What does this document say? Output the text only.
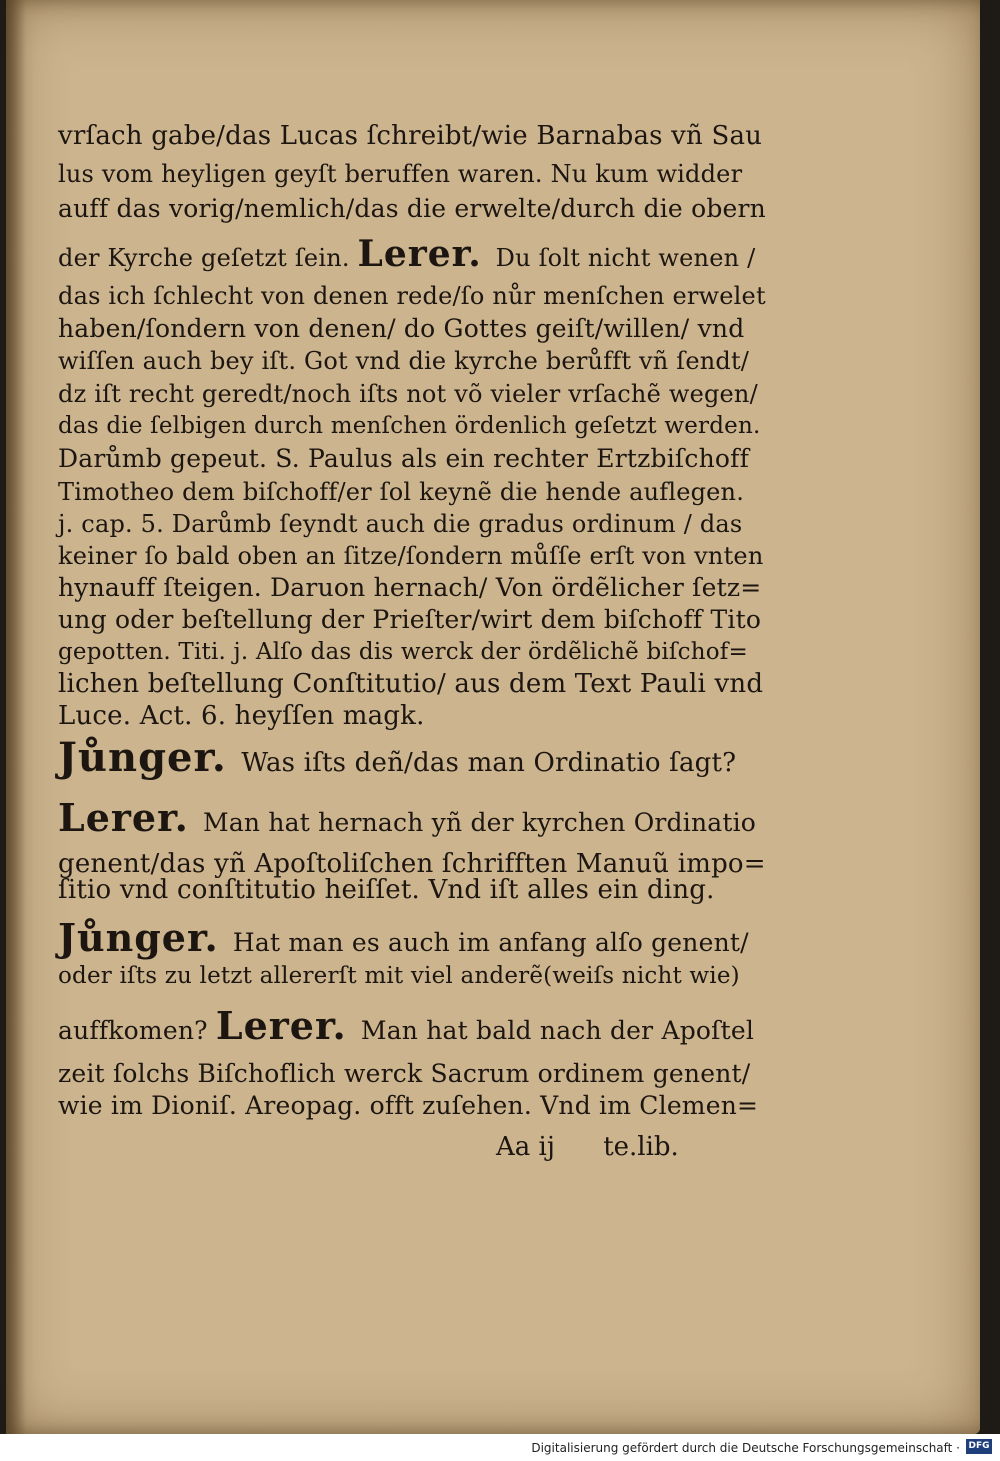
vrſach gabe/das Lucas ſchreibt/wie Barnabas vñ Sau
lus vom heyligen geyſt beruffen waren. Nu kum widder
auff das vorig/nemlich/das die erwelte/durch die obern
der Kyrche geſetzt ſein. Lerer. Du ſolt nicht wenen /
das ich ſchlecht von denen rede/ſo nůr menſchen erwelet
haben/ſondern von denen/ do Gottes geiſt/willen/ vnd
wiſſen auch bey iſt. Got vnd die kyrche berůfft vñ ſendt/
dz iſt recht geredt/noch iſts not võ vieler vrſachẽ wegen/
das die ſelbigen durch menſchen ördenlich geſetzt werden.
Darůmb gepeut. S. Paulus als ein rechter Ertzbiſchoff
Timotheo dem biſchoff/er ſol keynẽ die hende auflegen.
j. cap. 5. Darůmb ſeyndt auch die gradus ordinum / das
keiner ſo bald oben an ſitze/ſondern můſſe erſt von vnten
hynauff ſteigen. Daruon hernach/ Von ördẽlicher ſetz=
ung oder beſtellung der Prieſter/wirt dem biſchoff Tito
gepotten. Titi. j. Alſo das dis werck der ördẽlichẽ biſchof=
lichen beſtellung Conſtitutio/ aus dem Text Pauli vnd
Luce. Act. 6. heyſſen magk.
Jůnger. Was iſts deñ/das man Ordinatio ſagt?
Lerer. Man hat hernach yñ der kyrchen Ordinatio
genent/das yñ Apoſtoliſchen ſchrifften Manuũ impo=
ſitio vnd conſtitutio heiſſet. Vnd iſt alles ein ding.
Jůnger. Hat man es auch im anfang alſo genent/
oder iſts zu letzt allererſt mit viel anderẽ(weiſs nicht wie)
auffkomen? Lerer. Man hat bald nach der Apoſtel
zeit ſolchs Biſchoflich werck Sacrum ordinem genent/
wie im Dioniſ. Areopag. offt zuſehen. Vnd im Clemen=
Aa ij te.lib.
Digitalisierung gefördert durch die Deutsche Forschungsgemeinschaft · DFG
